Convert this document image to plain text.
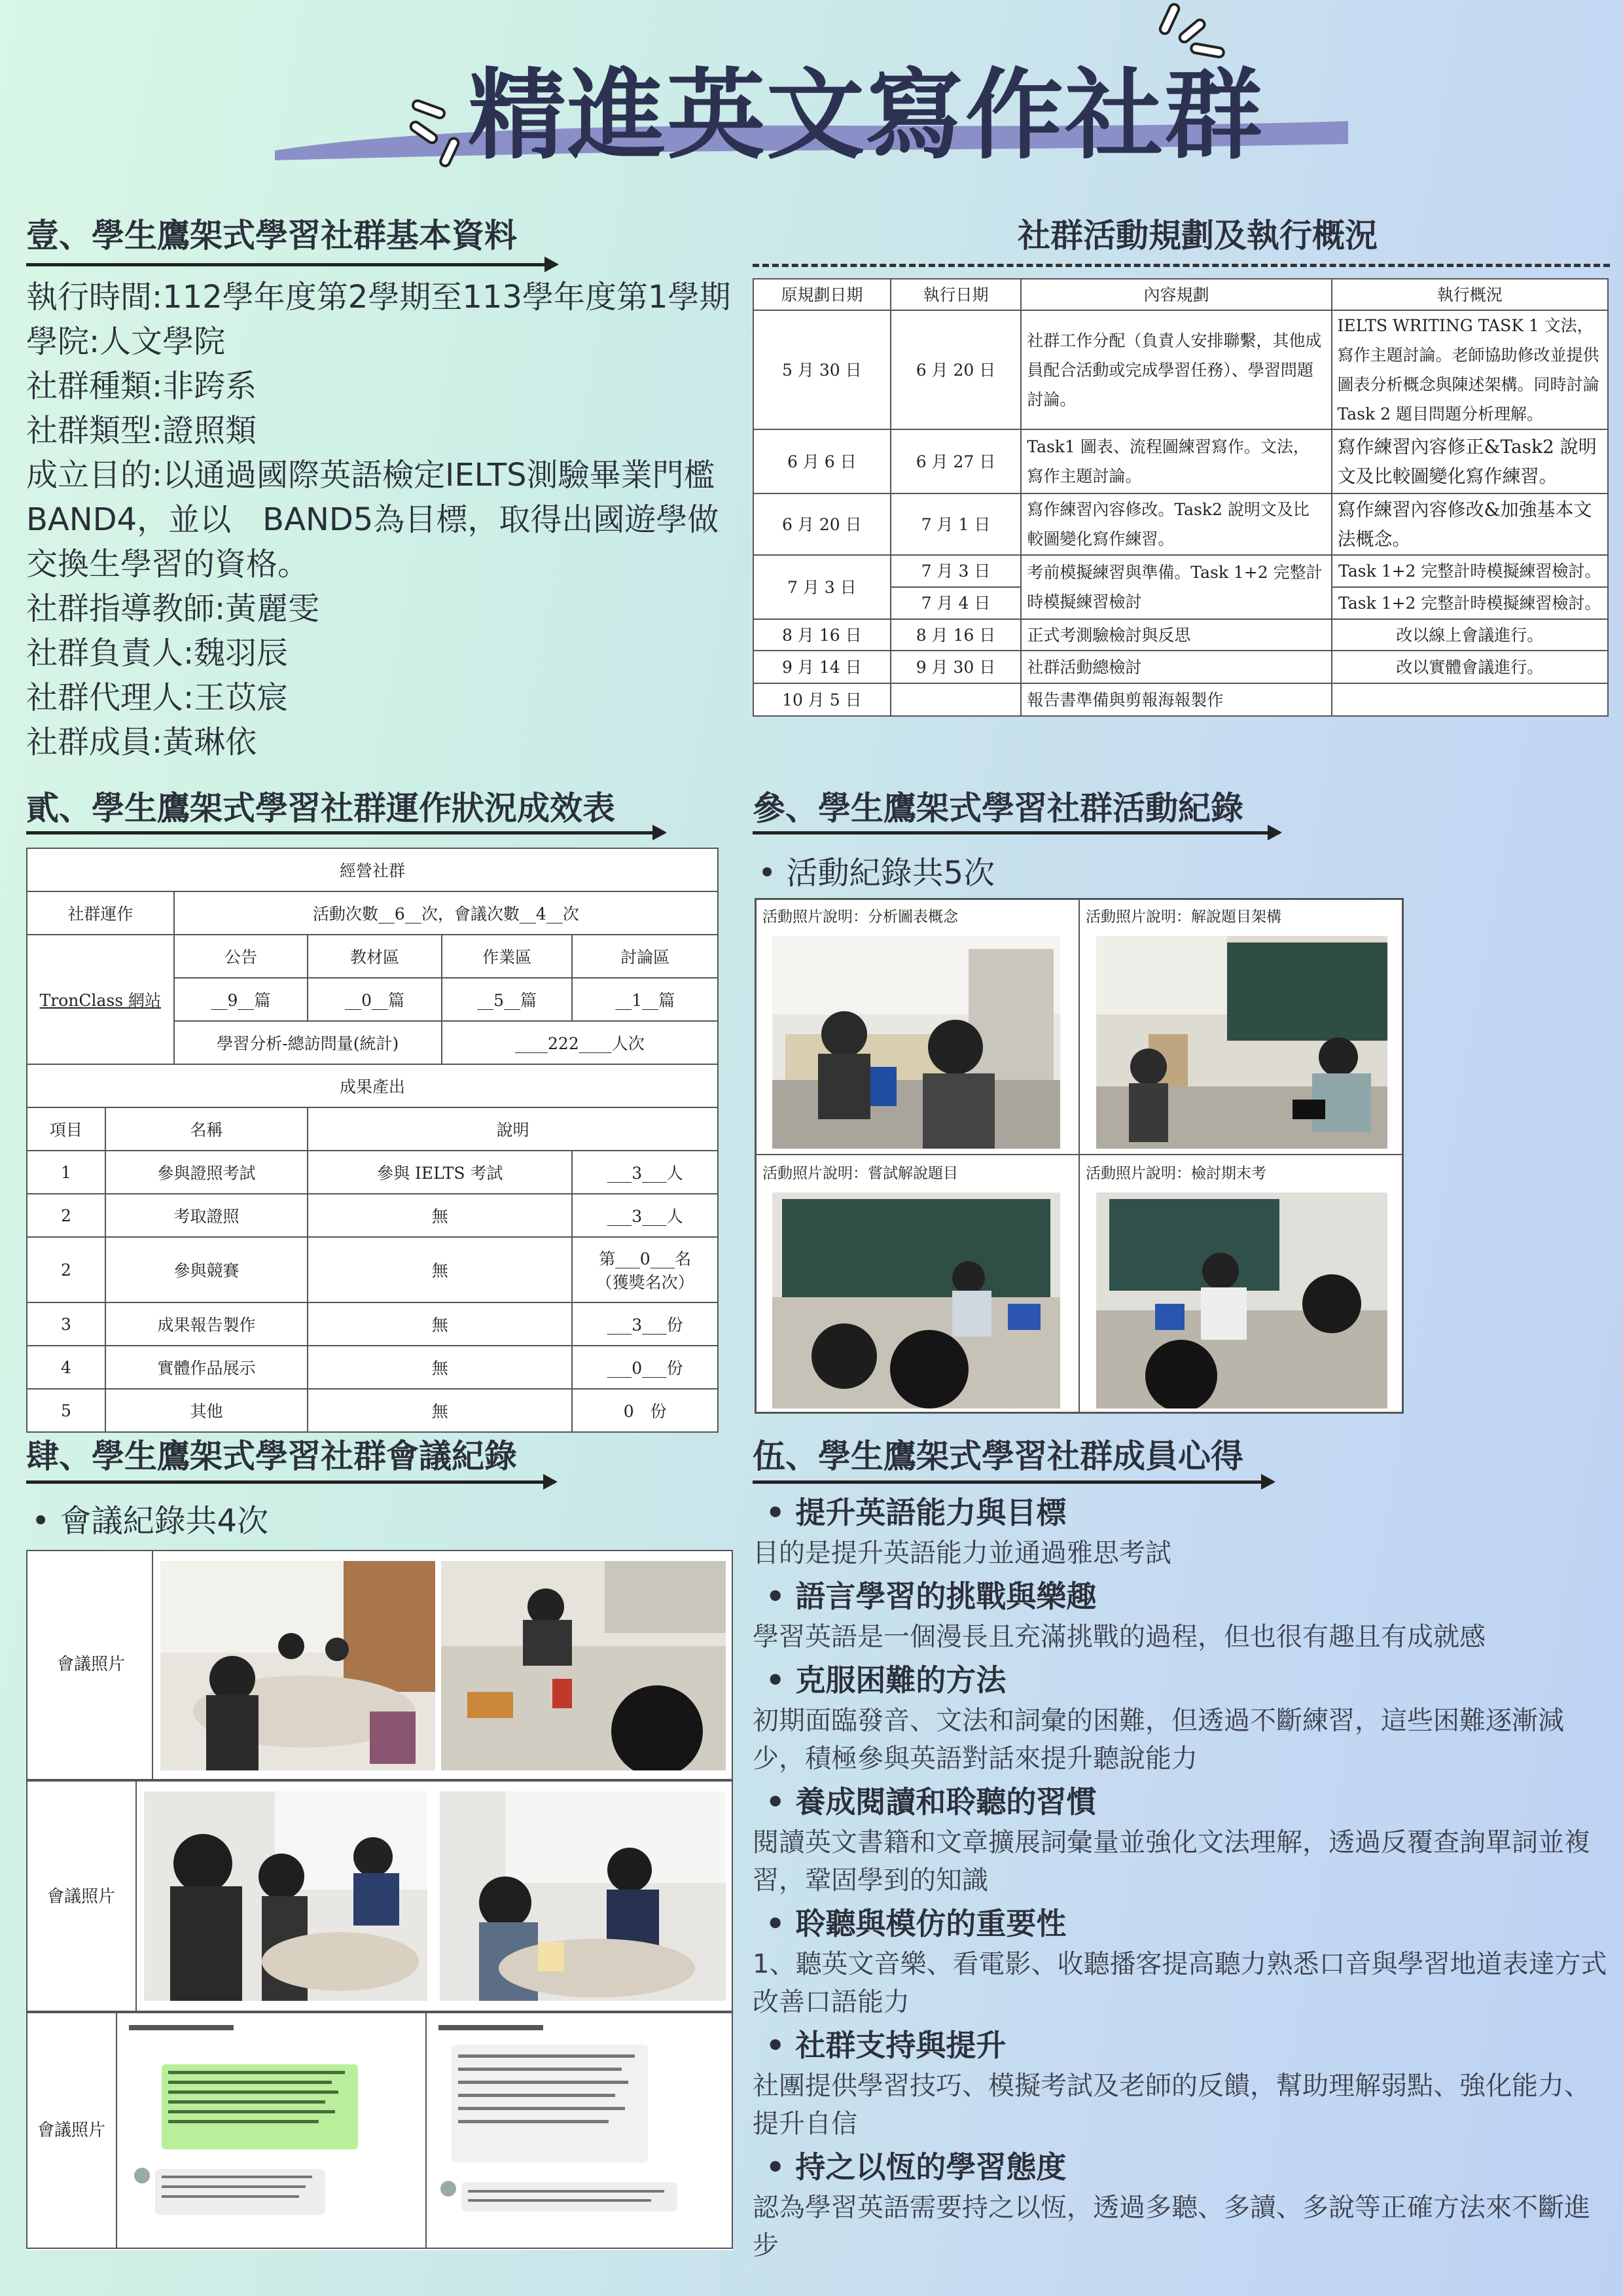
精進英文寫作社群
壹、學生鷹架式學習社群基本資料
執行時間:112學年度第2學期至113學年度第1學期
學院:人文學院
社群種類:非跨系
社群類型:證照類
成立目的:以通過國際英語檢定IELTS測驗畢業門檻BAND4，並以　BAND5為目標，取得出國遊學做交換生學習的資格。
社群指導教師:黃麗雯
社群負責人:魏羽辰
社群代理人:王苡宸
社群成員:黃琳依
社群活動規劃及執行概況
原規劃日期	執行日期	內容規劃	執行概況
5 月 30 日	6 月 20 日	社群工作分配（負責人安排聯繫，其他成員配合活動或完成學習任務）、學習問題討論。	IELTS WRITING TASK 1 文法，寫作主題討論。老師協助修改並提供圖表分析概念與陳述架構。同時討論 Task 2 題目問題分析理解。
6 月 6 日	6 月 27 日	Task1 圖表、流程圖練習寫作。文法，寫作主題討論。	寫作練習內容修正&Task2 說明文及比較圖變化寫作練習。
6 月 20 日	7 月 1 日	寫作練習內容修改。Task2 說明文及比較圖變化寫作練習。	寫作練習內容修改&加強基本文法概念。
7 月 3 日	7 月 3 日	考前模擬練習與準備。Task 1+2 完整計時模擬練習檢討	Task 1+2 完整計時模擬練習檢討。
	7 月 4 日		Task 1+2 完整計時模擬練習檢討。
8 月 16 日	8 月 16 日	正式考測驗檢討與反思	改以線上會議進行。
9 月 14 日	9 月 30 日	社群活動總檢討	改以實體會議進行。
10 月 5 日		報告書準備與剪報海報製作	
貳、學生鷹架式學習社群運作狀況成效表
經營社群					
社群運作		活動次數__6__次，會議次數__4__次			
TronClass 網站		公告	教材區	作業區	討論區
		__9__篇	__0__篇	__5__篇	__1__篇
		學習分析-總訪問量(統計)		____222____人次	
成果產出					
項目	名稱		說明		
1	參與證照考試		參與 IELTS 考試		___3___人
2	考取證照		無		___3___人
2	參與競賽		無		第___0___名
（獲獎名次）

3	成果報告製作		無		___3___份
4	實體作品展示		無		___0___份
5	其他		無		0　份
參、學生鷹架式學習社群活動紀錄
• 活動紀錄共5次
活動照片說明：分析圖表概念	活動照片說明：解說題目架構
活動照片說明：嘗試解說題目	活動照片說明：檢討期末考
肆、學生鷹架式學習社群會議紀錄
• 會議紀錄共4次
會議照片
會議照片
會議照片
伍、學生鷹架式學習社群成員心得
• 提升英語能力與目標
目的是提升英語能力並通過雅思考試
• 語言學習的挑戰與樂趣
學習英語是一個漫長且充滿挑戰的過程，但也很有趣且有成就感
• 克服困難的方法
初期面臨發音、文法和詞彙的困難，但透過不斷練習，這些困難逐漸減少，積極參與英語對話來提升聽說能力
• 養成閱讀和聆聽的習慣
閱讀英文書籍和文章擴展詞彙量並強化文法理解，透過反覆查詢單詞並複習，鞏固學到的知識
• 聆聽與模仿的重要性
1、聽英文音樂、看電影、收聽播客提高聽力熟悉口音與學習地道表達方式改善口語能力
• 社群支持與提升
社團提供學習技巧、模擬考試及老師的反饋，幫助理解弱點、強化能力、提升自信
• 持之以恆的學習態度
認為學習英語需要持之以恆，透過多聽、多讀、多說等正確方法來不斷進步
